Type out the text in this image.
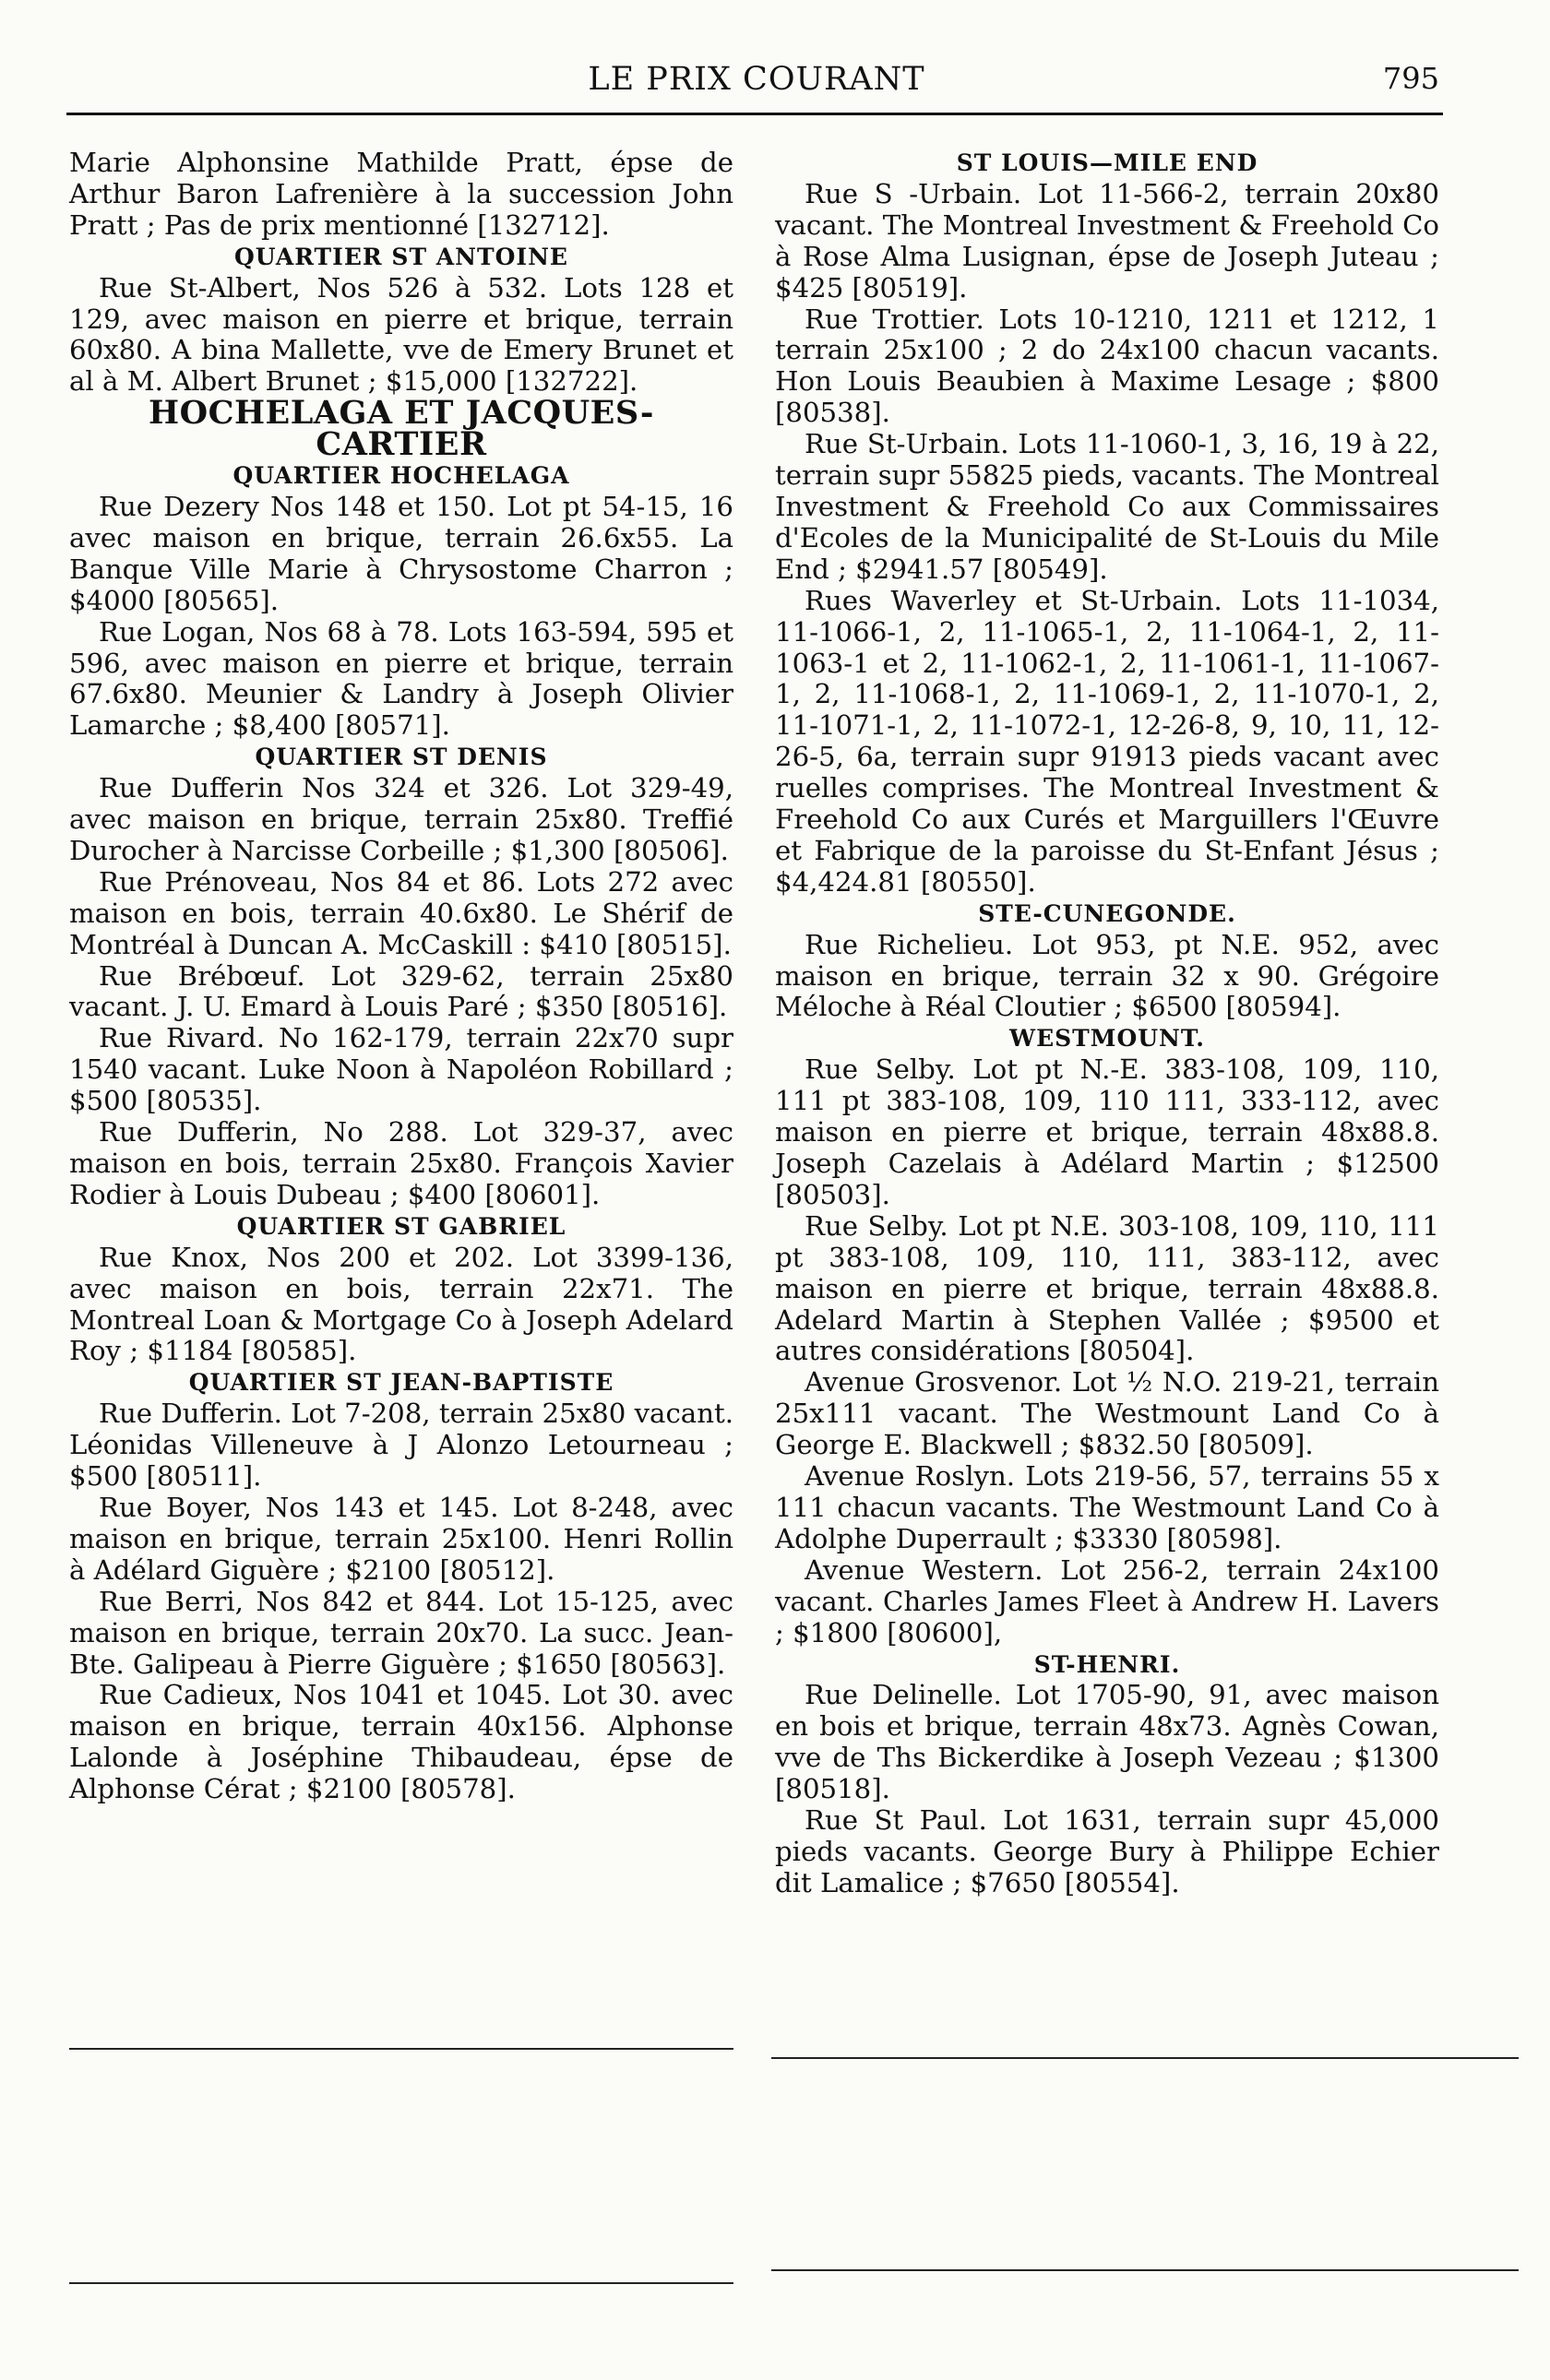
LE PRIX COURANT	795

Marie Alphonsine Mathilde Pratt, épse de Arthur Baron Lafrenière à la succession John Pratt ; Pas de prix mentionné [132712].

QUARTIER ST ANTOINE

Rue St-Albert, Nos 526 à 532. Lots 128 et 129, avec maison en pierre et brique, terrain 60x80. A bina Mallette, vve de Emery Brunet et al à M. Albert Brunet ; $15,000 [132722].

HOCHELAGA ET JACQUES-CARTIER

QUARTIER HOCHELAGA

Rue Dezery Nos 148 et 150. Lot pt 54-15, 16 avec maison en brique, terrain 26.6x55. La Banque Ville Marie à Chrysostome Charron ; $4000 [80565].

Rue Logan, Nos 68 à 78. Lots 163-594, 595 et 596, avec maison en pierre et brique, terrain 67.6x80. Meunier & Landry à Joseph Olivier Lamarche ; $8,400 [80571].

QUARTIER ST DENIS

Rue Dufferin Nos 324 et 326. Lot 329-49, avec maison en brique, terrain 25x80. Treffié Durocher à Narcisse Corbeille ; $1,300 [80506].

Rue Prénoveau, Nos 84 et 86. Lots 272 avec maison en bois, terrain 40.6x80. Le Shérif de Montréal à Duncan A. McCaskill : $410 [80515].

Rue Brébœuf. Lot 329-62, terrain 25x80 vacant. J. U. Emard à Louis Paré ; $350 [80516].

Rue Rivard. No 162-179, terrain 22x70 supr 1540 vacant. Luke Noon à Napoléon Robillard ; $500 [80535].

Rue Dufferin, No 288. Lot 329-37, avec maison en bois, terrain 25x80. François Xavier Rodier à Louis Dubeau ; $400 [80601].

QUARTIER ST GABRIEL

Rue Knox, Nos 200 et 202. Lot 3399-136, avec maison en bois, terrain 22x71. The Montreal Loan & Mortgage Co à Joseph Adelard Roy ; $1184 [80585].

QUARTIER ST JEAN-BAPTISTE

Rue Dufferin. Lot 7-208, terrain 25x80 vacant. Léonidas Villeneuve à J Alonzo Letourneau ; $500 [80511].

Rue Boyer, Nos 143 et 145. Lot 8-248, avec maison en brique, terrain 25x100. Henri Rollin à Adélard Giguère ; $2100 [80512].

Rue Berri, Nos 842 et 844. Lot 15-125, avec maison en brique, terrain 20x70. La succ. Jean-Bte. Galipeau à Pierre Giguère ; $1650 [80563].

Rue Cadieux, Nos 1041 et 1045. Lot 30. avec maison en brique, terrain 40x156. Alphonse Lalonde à Joséphine Thibaudeau, épse de Alphonse Cérat ; $2100 [80578].

ST LOUIS—MILE END

Rue S -Urbain. Lot 11-566-2, terrain 20x80 vacant. The Montreal Investment & Freehold Co à Rose Alma Lusignan, épse de Joseph Juteau ; $425 [80519].

Rue Trottier. Lots 10-1210, 1211 et 1212, 1 terrain 25x100 ; 2 do 24x100 chacun vacants. Hon Louis Beaubien à Maxime Lesage ; $800 [80538].

Rue St-Urbain. Lots 11-1060-1, 3, 16, 19 à 22, terrain supr 55825 pieds, vacants. The Montreal Investment & Freehold Co aux Commissaires d'Ecoles de la Municipalité de St-Louis du Mile End ; $2941.57 [80549].

Rues Waverley et St-Urbain. Lots 11-1034, 11-1066-1, 2, 11-1065-1, 2, 11-1064-1, 2, 11-1063-1 et 2, 11-1062-1, 2, 11-1061-1, 11-1067-1, 2, 11-1068-1, 2, 11-1069-1, 2, 11-1070-1, 2, 11-1071-1, 2, 11-1072-1, 12-26-8, 9, 10, 11, 12-26-5, 6a, terrain supr 91913 pieds vacant avec ruelles comprises. The Montreal Investment & Freehold Co aux Curés et Marguillers l'Œuvre et Fabrique de la paroisse du St-Enfant Jésus ; $4,424.81 [80550].

STE-CUNEGONDE.

Rue Richelieu. Lot 953, pt N.E. 952, avec maison en brique, terrain 32 x 90. Grégoire Méloche à Réal Cloutier ; $6500 [80594].

WESTMOUNT.

Rue Selby. Lot pt N.-E. 383-108, 109, 110, 111 pt 383-108, 109, 110 111, 333-112, avec maison en pierre et brique, terrain 48x88.8. Joseph Cazelais à Adélard Martin ; $12500 [80503].

Rue Selby. Lot pt N.E. 303-108, 109, 110, 111 pt 383-108, 109, 110, 111, 383-112, avec maison en pierre et brique, terrain 48x88.8. Adelard Martin à Stephen Vallée ; $9500 et autres considérations [80504].

Avenue Grosvenor. Lot ½ N.O. 219-21, terrain 25x111 vacant. The Westmount Land Co à George E. Blackwell ; $832.50 [80509].

Avenue Roslyn. Lots 219-56, 57, terrains 55 x 111 chacun vacants. The Westmount Land Co à Adolphe Duperrault ; $3330 [80598].

Avenue Western. Lot 256-2, terrain 24x100 vacant. Charles James Fleet à Andrew H. Lavers ; $1800 [80600],

ST-HENRI.

Rue Delinelle. Lot 1705-90, 91, avec maison en bois et brique, terrain 48x73. Agnès Cowan, vve de Ths Bickerdike à Joseph Vezeau ; $1300 [80518].

Rue St Paul. Lot 1631, terrain supr 45,000 pieds vacants. George Bury à Philippe Echier dit Lamalice ; $7650 [80554].
